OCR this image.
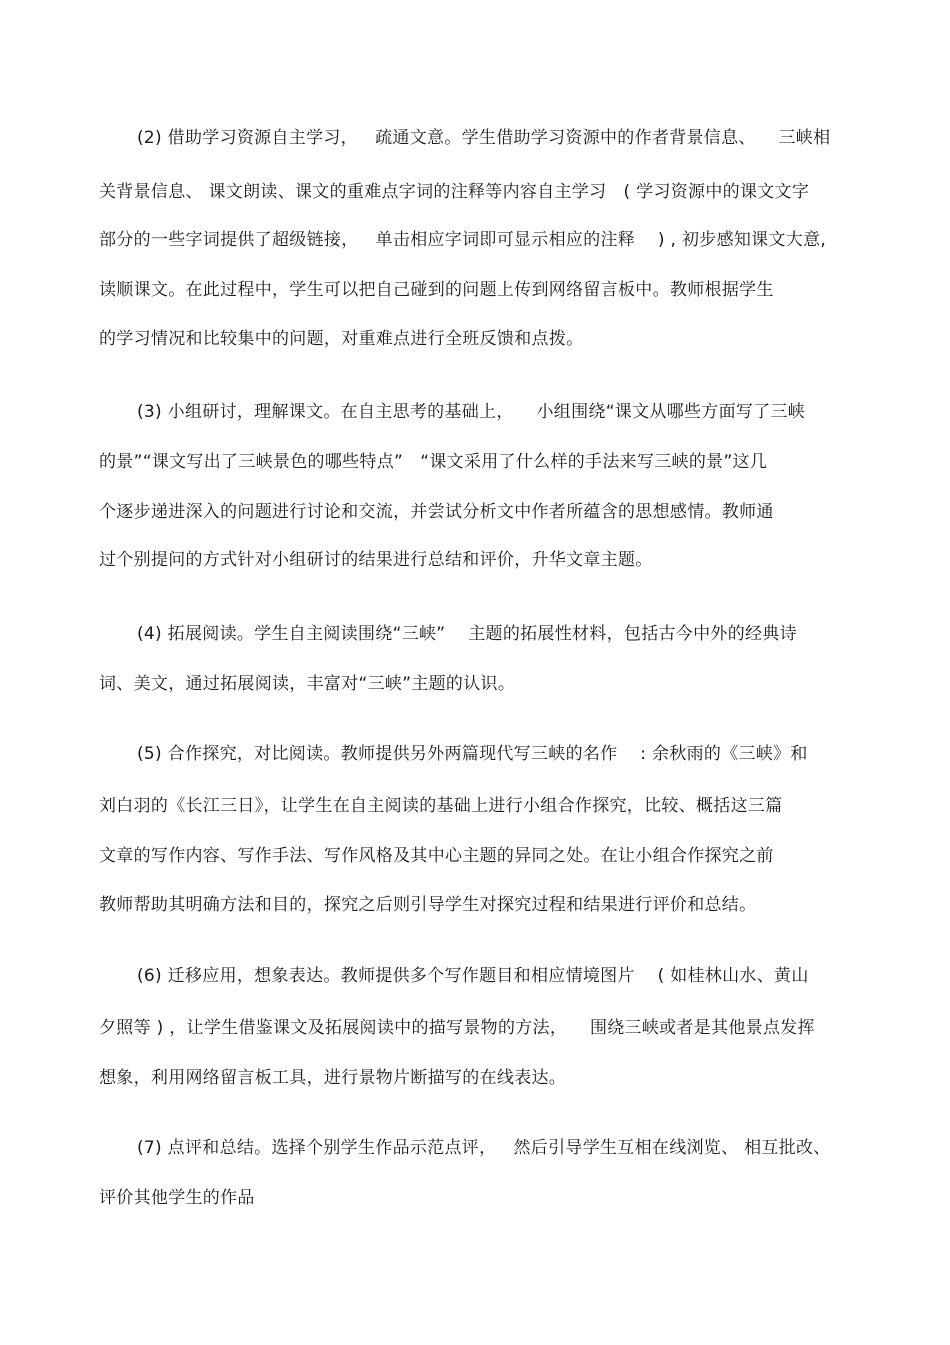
(2) 借助学习资源自主学习，   疏通文意。学生借助学习资源中的作者背景信息、    三峡相
关背景信息、 课文朗读、课文的重难点字词的注释等内容自主学习   ( 学习资源中的课文文字
部分的一些字词提供了超级链接，   单击相应字词即可显示相应的注释    ) , 初步感知课文大意,
读顺课文。在此过程中，学生可以把自己碰到的问题上传到网络留言板中。教师根据学生
的学习情况和比较集中的问题，对重难点进行全班反馈和点拨。
(3) 小组研讨，理解课文。在自主思考的基础上，    小组围绕“课文从哪些方面写了三峡
的景”“课文写出了三峡景色的哪些特点”   “课文采用了什么样的手法来写三峡的景”这几
个逐步递进深入的问题进行讨论和交流，并尝试分析文中作者所蕴含的思想感情。教师通
过个别提问的方式针对小组研讨的结果进行总结和评价，升华文章主题。
(4) 拓展阅读。学生自主阅读围绕“三峡”    主题的拓展性材料，包括古今中外的经典诗
词、美文，通过拓展阅读，丰富对“三峡”主题的认识。
(5) 合作探究，对比阅读。教师提供另外两篇现代写三峡的名作    : 余秋雨的《三峡》和
刘白羽的《长江三日》，让学生在自主阅读的基础上进行小组合作探究，比较、概括这三篇
文章的写作内容、写作手法、写作风格及其中心主题的异同之处。在让小组合作探究之前
教师帮助其明确方法和目的，探究之后则引导学生对探究过程和结果进行评价和总结。
(6) 迁移应用，想象表达。教师提供多个写作题目和相应情境图片    ( 如桂林山水、黄山
夕照等 ) ，让学生借鉴课文及拓展阅读中的描写景物的方法，    围绕三峡或者是其他景点发挥
想象，利用网络留言板工具，进行景物片断描写的在线表达。
(7) 点评和总结。选择个别学生作品示范点评，   然后引导学生互相在线浏览、 相互批改、
评价其他学生的作品
